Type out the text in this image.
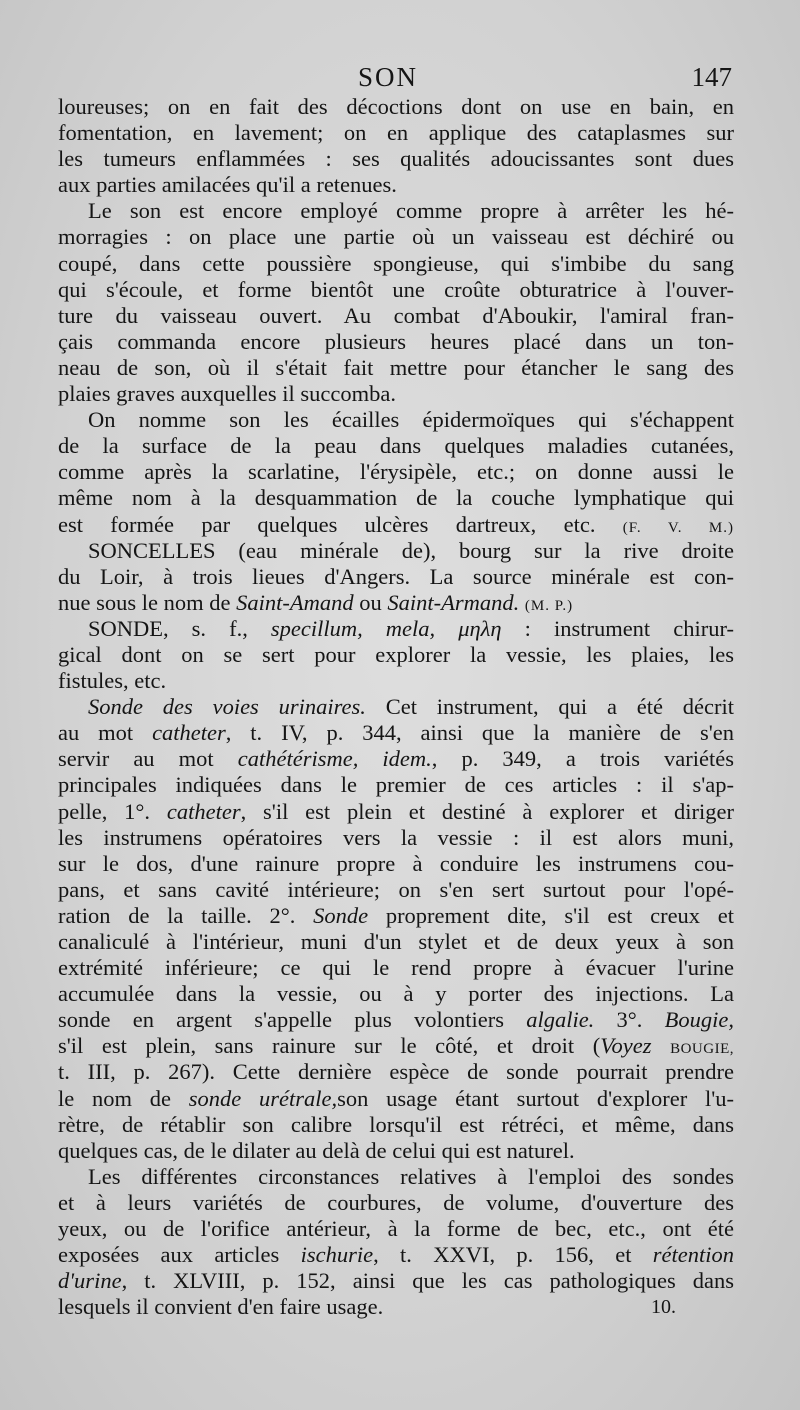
SON	147
loureuses; on en fait des décoctions dont on use en bain, en
fomentation, en lavement; on en applique des cataplasmes sur
les tumeurs enflammées : ses qualités adoucissantes sont dues
aux parties amilacées qu'il a retenues.
Le son est encore employé comme propre à arrêter les hé-
morragies : on place une partie où un vaisseau est déchiré ou
coupé, dans cette poussière spongieuse, qui s'imbibe du sang
qui s'écoule, et forme bientôt une croûte obturatrice à l'ouver-
ture du vaisseau ouvert. Au combat d'Aboukir, l'amiral fran-
çais commanda encore plusieurs heures placé dans un ton-
neau de son, où il s'était fait mettre pour étancher le sang des
plaies graves auxquelles il succomba.
On nomme son les écailles épidermoïques qui s'échappent
de la surface de la peau dans quelques maladies cutanées,
comme après la scarlatine, l'érysipèle, etc.; on donne aussi le
même nom à la desquammation de la couche lymphatique qui
est formée par quelques ulcères dartreux, etc. (F. V. M.)
SONCELLES (eau minérale de), bourg sur la rive droite
du Loir, à trois lieues d'Angers. La source minérale est con-
nue sous le nom de Saint-Amand ou Saint-Armand. (M. P.)
SONDE, s. f., specillum, mela, μηλη : instrument chirur-
gical dont on se sert pour explorer la vessie, les plaies, les
fistules, etc.
Sonde des voies urinaires. Cet instrument, qui a été décrit
au mot catheter, t. IV, p. 344, ainsi que la manière de s'en
servir au mot cathétérisme, idem., p. 349, a trois variétés
principales indiquées dans le premier de ces articles : il s'ap-
pelle, 1°. catheter, s'il est plein et destiné à explorer et diriger
les instrumens opératoires vers la vessie : il est alors muni,
sur le dos, d'une rainure propre à conduire les instrumens cou-
pans, et sans cavité intérieure; on s'en sert surtout pour l'opé-
ration de la taille. 2°. Sonde proprement dite, s'il est creux et
canaliculé à l'intérieur, muni d'un stylet et de deux yeux à son
extrémité inférieure; ce qui le rend propre à évacuer l'urine
accumulée dans la vessie, ou à y porter des injections. La
sonde en argent s'appelle plus volontiers algalie. 3°. Bougie,
s'il est plein, sans rainure sur le côté, et droit (Voyez BOUGIE,
t. III, p. 267). Cette dernière espèce de sonde pourrait prendre
le nom de sonde urétrale,son usage étant surtout d'explorer l'u-
rètre, de rétablir son calibre lorsqu'il est rétréci, et même, dans
quelques cas, de le dilater au delà de celui qui est naturel.
Les différentes circonstances relatives à l'emploi des sondes
et à leurs variétés de courbures, de volume, d'ouverture des
yeux, ou de l'orifice antérieur, à la forme de bec, etc., ont été
exposées aux articles ischurie, t. XXVI, p. 156, et rétention
d'urine, t. XLVIII, p. 152, ainsi que les cas pathologiques dans
lesquels il convient d'en faire usage.	10.
